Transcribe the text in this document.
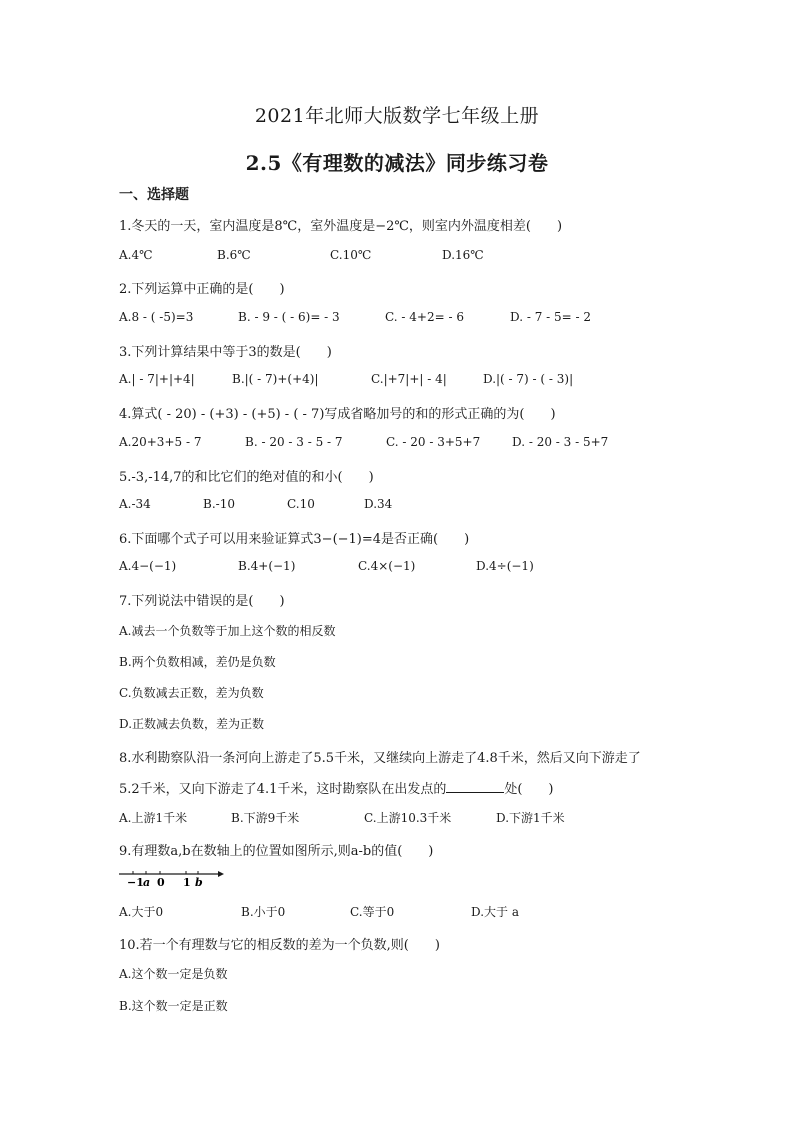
2021年北师大版数学七年级上册
2.5《有理数的减法》同步练习卷
一、选择题
1.冬天的一天，室内温度是8℃，室外温度是−2℃，则室内外温度相差(　　)
A.4℃	B.6℃	C.10℃	D.16℃
2.下列运算中正确的是(　　)
A.8 - ( -5)=3	B. - 9 - ( - 6)= - 3	C. - 4+2= - 6	D. - 7 - 5= - 2
3.下列计算结果中等于3的数是(　　)
A.| - 7|+|+4|	B.|( - 7)+(+4)|	C.|+7|+| - 4|	D.|( - 7) - ( - 3)|
4.算式( - 20) - (+3) - (+5) - ( - 7)写成省略加号的和的形式正确的为(　　)
A.20+3+5 - 7	B. - 20 - 3 - 5 - 7	C. - 20 - 3+5+7	D. - 20 - 3 - 5+7
5.-3,-14,7的和比它们的绝对值的和小(　　)
A.-34	B.-10	C.10	D.34
6.下面哪个式子可以用来验证算式3−(−1)=4是否正确(　　)
A.4−(−1)	B.4+(−1)	C.4×(−1)	D.4÷(−1)
7.下列说法中错误的是(　　)
A.减去一个负数等于加上这个数的相反数
B.两个负数相减，差仍是负数
C.负数减去正数，差为负数
D.正数减去负数，差为正数
8.水利勘察队沿一条河向上游走了5.5千米，又继续向上游走了4.8千米，然后又向下游走了
5.2千米，又向下游走了4.1千米，这时勘察队在出发点的	处(　　)
A.上游1千米	B.下游9千米	C.上游10.3千米	D.下游1千米
9.有理数a,b在数轴上的位置如图所示,则a-b的值(　　)
−1 a 0 1 b
A.大于0	B.小于0	C.等于0	D.大于 a
10.若一个有理数与它的相反数的差为一个负数,则(　　)
A.这个数一定是负数
B.这个数一定是正数
